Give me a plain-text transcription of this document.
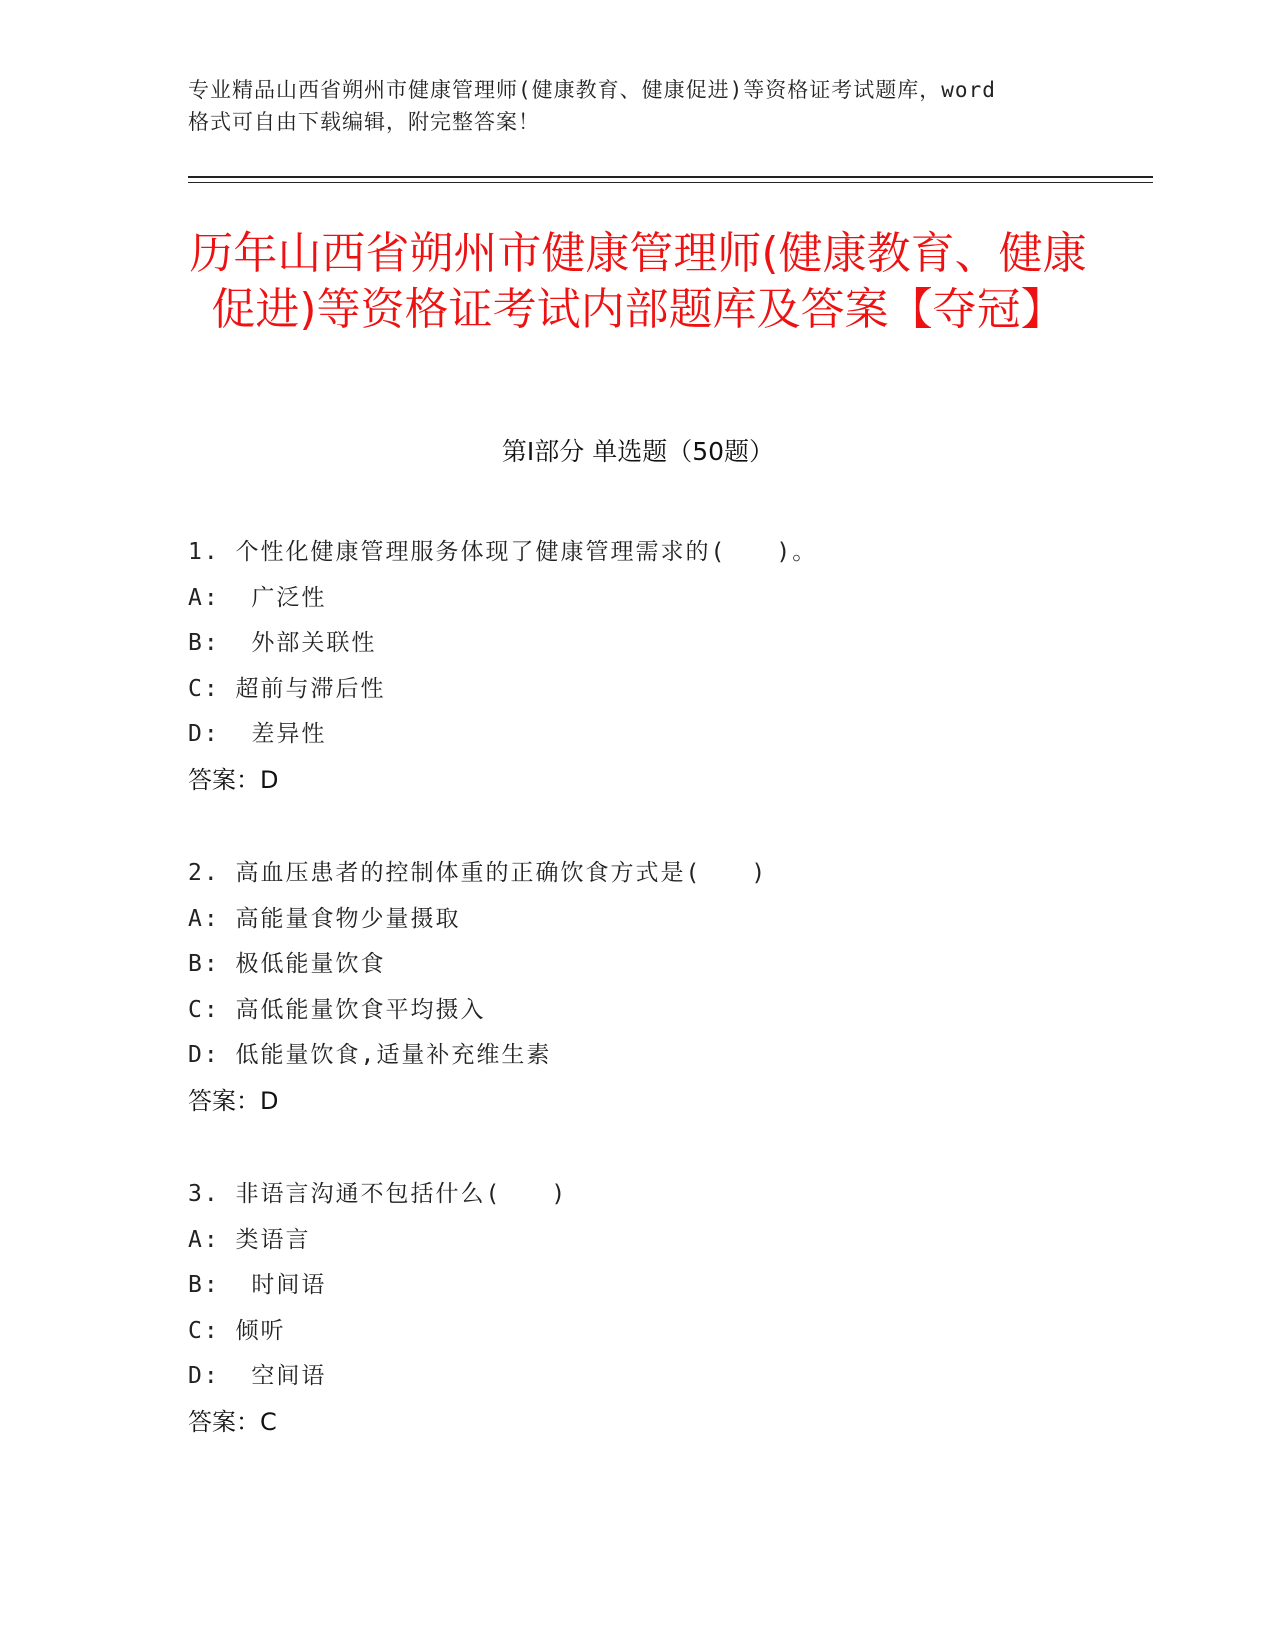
专业精品山西省朔州市健康管理师(健康教育、健康促进)等资格证考试题库，word
格式可自由下载编辑，附完整答案！
历年山西省朔州市健康管理师(健康教育、健康促进)等资格证考试内部题库及答案【夺冠】
第Ⅰ部分 单选题（50题）
1. 个性化健康管理服务体现了健康管理需求的(　　)。
A:  广泛性
B:  外部关联性
C: 超前与滞后性
D:  差异性
答案：D
2. 高血压患者的控制体重的正确饮食方式是(　　)
A: 高能量食物少量摄取
B: 极低能量饮食
C: 高低能量饮食平均摄入
D: 低能量饮食,适量补充维生素
答案：D
3. 非语言沟通不包括什么(　　)
A: 类语言
B:  时间语
C: 倾听
D:  空间语
答案：C
